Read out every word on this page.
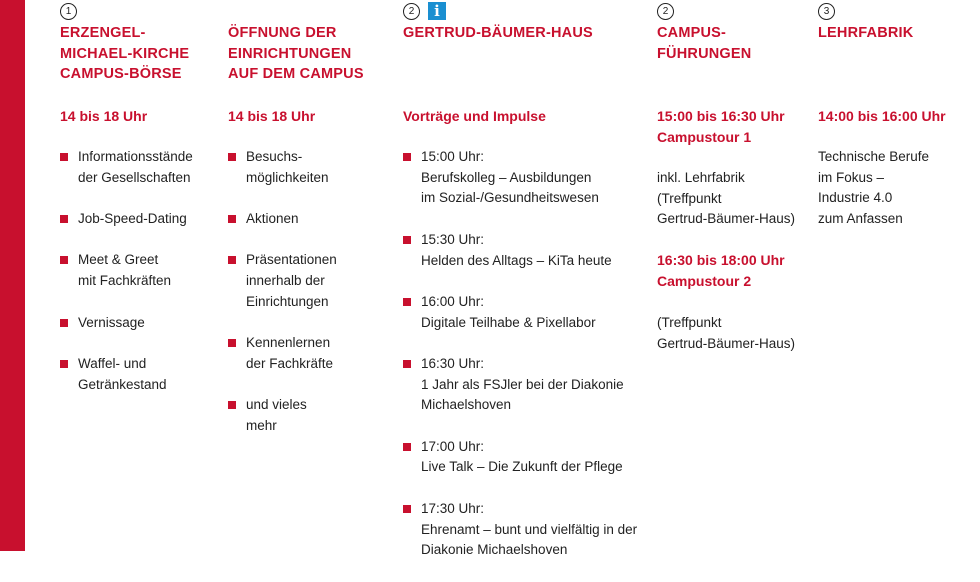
1
ERZENGEL-
MICHAEL-KIRCHE
CAMPUS-BÖRSE
14 bis 18 Uhr
Informationsstände
der Gesellschaften
Job-Speed-Dating
Meet & Greet
mit Fachkräften
Vernissage
Waffel- und
Getränkestand
ÖFFNUNG DER
EINRICHTUNGEN
AUF DEM CAMPUS
14 bis 18 Uhr
Besuchs-
möglichkeiten
Aktionen
Präsentationen
innerhalb der
Einrichtungen
Kennenlernen
der Fachkräfte
und vieles
mehr
2	i
GERTRUD-BÄUMER-HAUS
Vorträge und Impulse
15:00 Uhr:
Berufskolleg – Ausbildungen
im Sozial-/Gesundheitswesen
15:30 Uhr:
Helden des Alltags – KiTa heute
16:00 Uhr:
Digitale Teilhabe & Pixellabor
16:30 Uhr:
1 Jahr als FSJler bei der Diakonie
Michaelshoven
17:00 Uhr:
Live Talk – Die Zukunft der Pflege
17:30 Uhr:
Ehrenamt – bunt und vielfältig in der
Diakonie Michaelshoven
2
CAMPUS-
FÜHRUNGEN
15:00 bis 16:30 Uhr
Campustour 1
inkl. Lehrfabrik
(Treffpunkt
Gertrud-Bäumer-Haus)
16:30 bis 18:00 Uhr
Campustour 2
(Treffpunkt
Gertrud-Bäumer-Haus)
3
LEHRFABRIK
14:00 bis 16:00 Uhr
Technische Berufe
im Fokus –
Industrie 4.0
zum Anfassen
